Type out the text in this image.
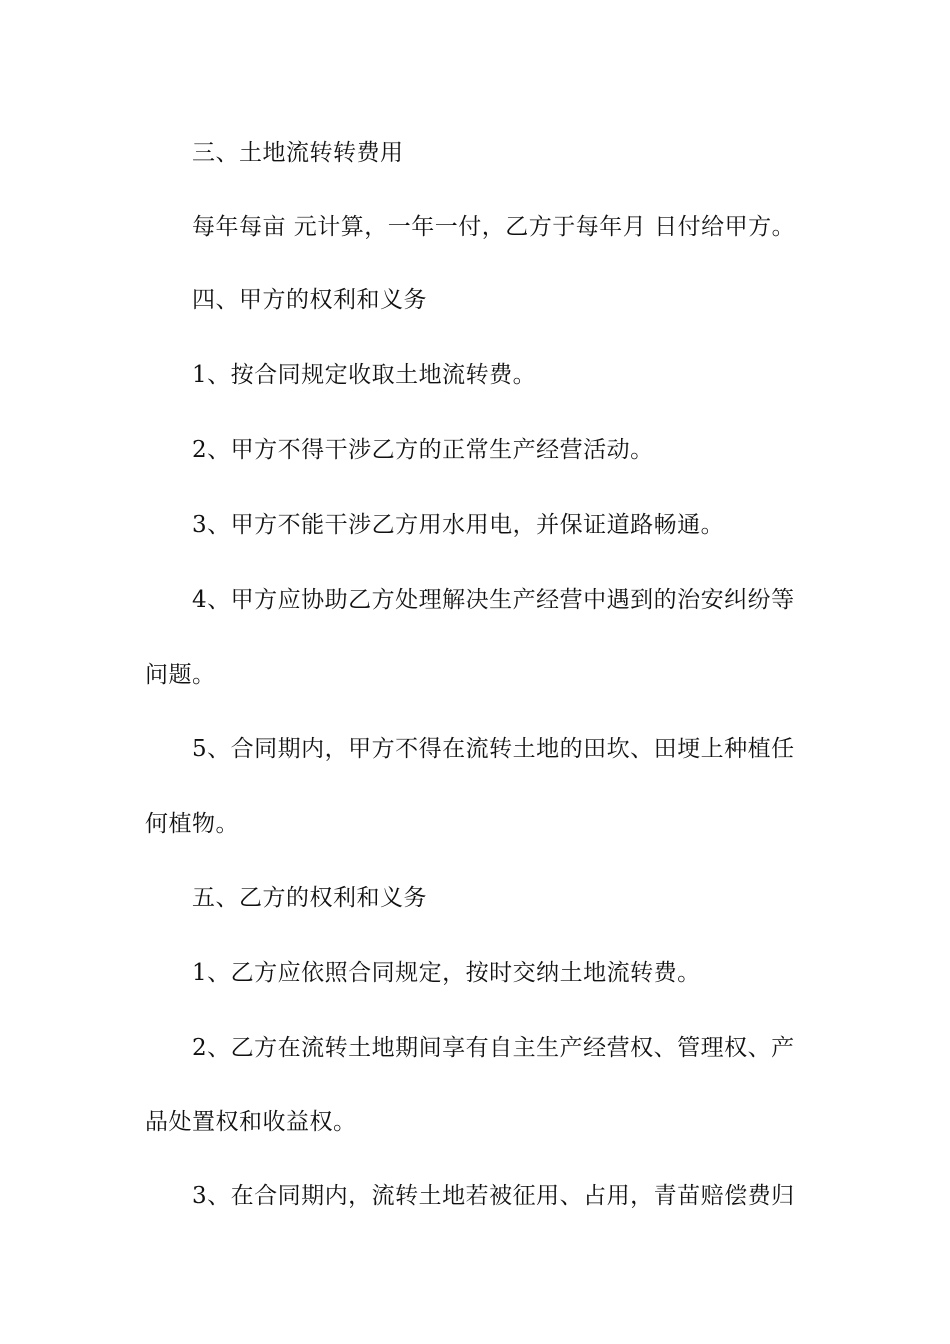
三、土地流转转费用
每年每亩 元计算，一年一付，乙方于每年月 日付给甲方。
四、甲方的权利和义务
1、按合同规定收取土地流转费。
2、甲方不得干涉乙方的正常生产经营活动。
3、甲方不能干涉乙方用水用电，并保证道路畅通。
4、甲方应协助乙方处理解决生产经营中遇到的治安纠纷等
问题。
5、合同期内，甲方不得在流转土地的田坎、田埂上种植任
何植物。
五、乙方的权利和义务
1、乙方应依照合同规定，按时交纳土地流转费。
2、乙方在流转土地期间享有自主生产经营权、管理权、产
品处置权和收益权。
3、在合同期内，流转土地若被征用、占用，青苗赔偿费归
